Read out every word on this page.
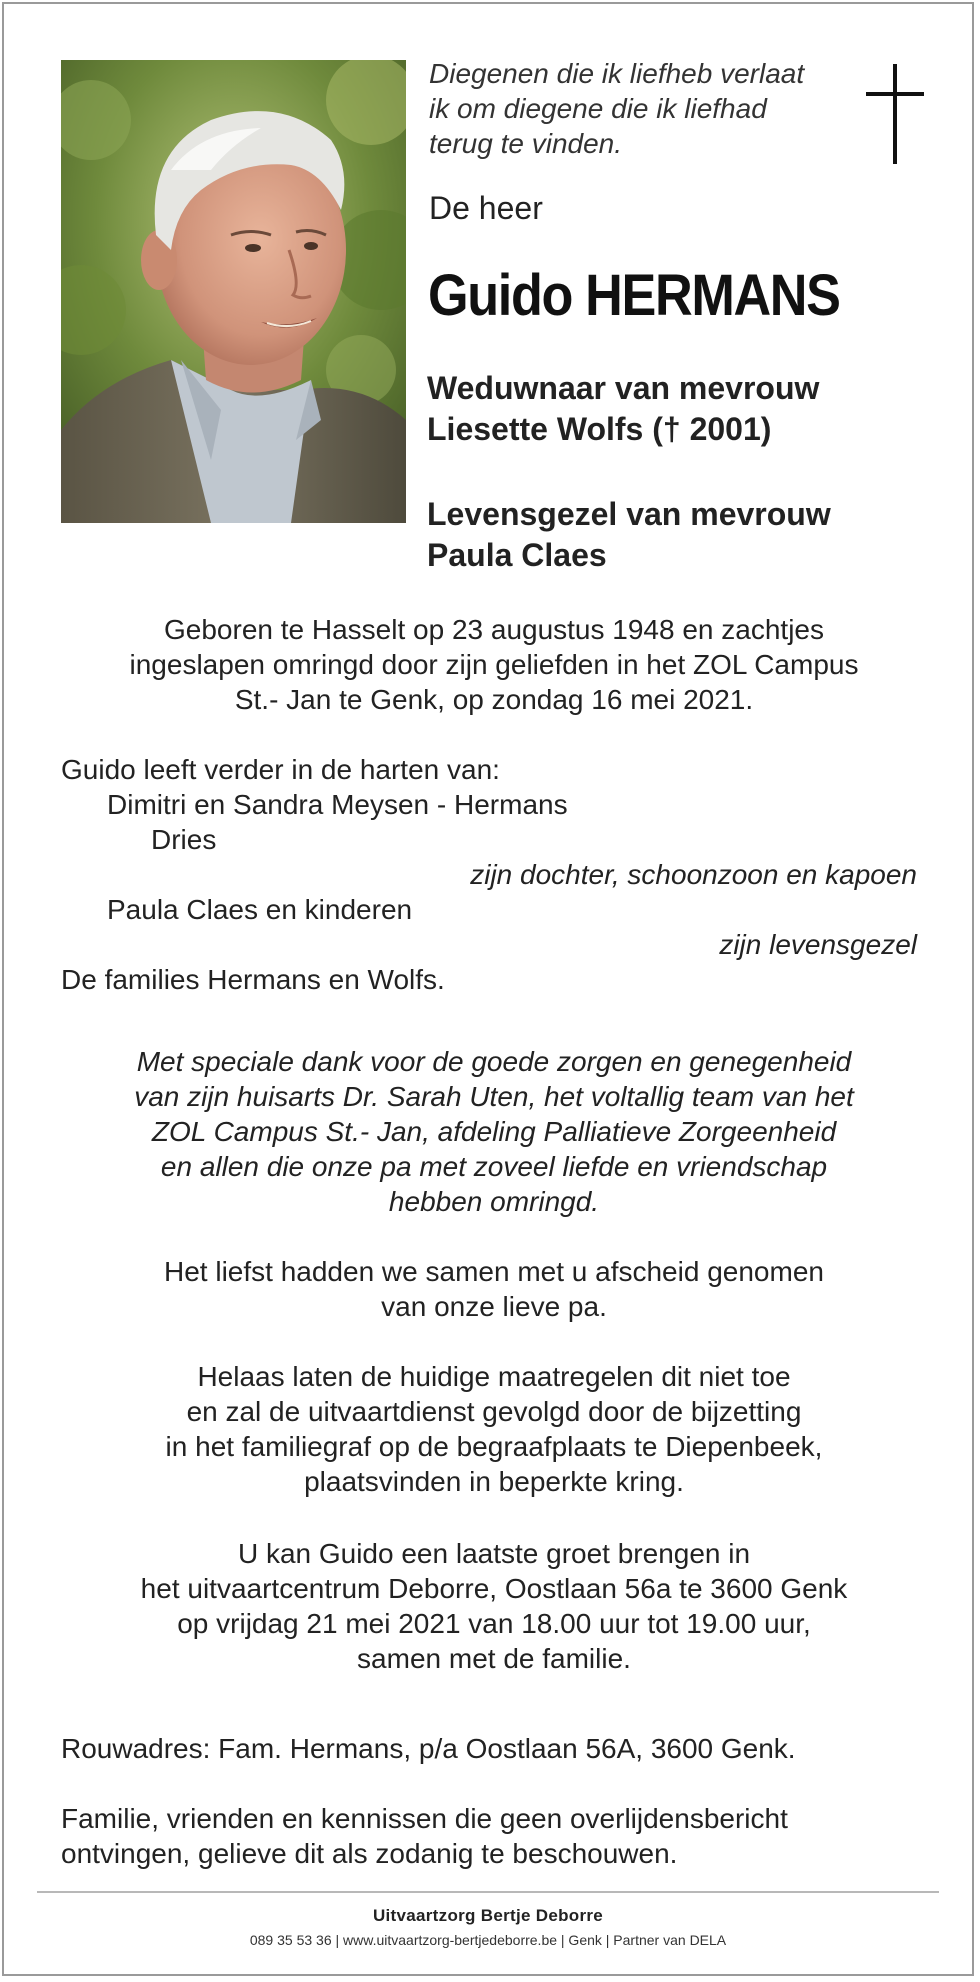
Diegenen die ik liefheb verlaat
ik om diegene die ik liefhad
terug te vinden.
De heer
Guido HERMANS
Weduwnaar van mevrouw
Liesette Wolfs († 2001)
Levensgezel van mevrouw
Paula Claes
Geboren te Hasselt op 23 augustus 1948 en zachtjes
ingeslapen omringd door zijn geliefden in het ZOL Campus
St.- Jan te Genk, op zondag 16 mei 2021.
Guido leeft verder in de harten van:
Dimitri en Sandra Meysen - Hermans
Dries
zijn dochter, schoonzoon en kapoen
Paula Claes en kinderen
zijn levensgezel
De families Hermans en Wolfs.
Met speciale dank voor de goede zorgen en genegenheid
van zijn huisarts Dr. Sarah Uten, het voltallig team van het
ZOL Campus St.- Jan, afdeling Palliatieve Zorgeenheid
en allen die onze pa met zoveel liefde en vriendschap
hebben omringd.
Het liefst hadden we samen met u afscheid genomen
van onze lieve pa.
Helaas laten de huidige maatregelen dit niet toe
en zal de uitvaartdienst gevolgd door de bijzetting
in het familiegraf op de begraafplaats te Diepenbeek,
plaatsvinden in beperkte kring.
U kan Guido een laatste groet brengen in
het uitvaartcentrum Deborre, Oostlaan 56a te 3600 Genk
op vrijdag 21 mei 2021 van 18.00 uur tot 19.00 uur,
samen met de familie.
Rouwadres: Fam. Hermans, p/a Oostlaan 56A, 3600 Genk.
Familie, vrienden en kennissen die geen overlijdensbericht
ontvingen, gelieve dit als zodanig te beschouwen.
Uitvaartzorg Bertje Deborre
089 35 53 36 | www.uitvaartzorg-bertjedeborre.be | Genk | Partner van DELA
